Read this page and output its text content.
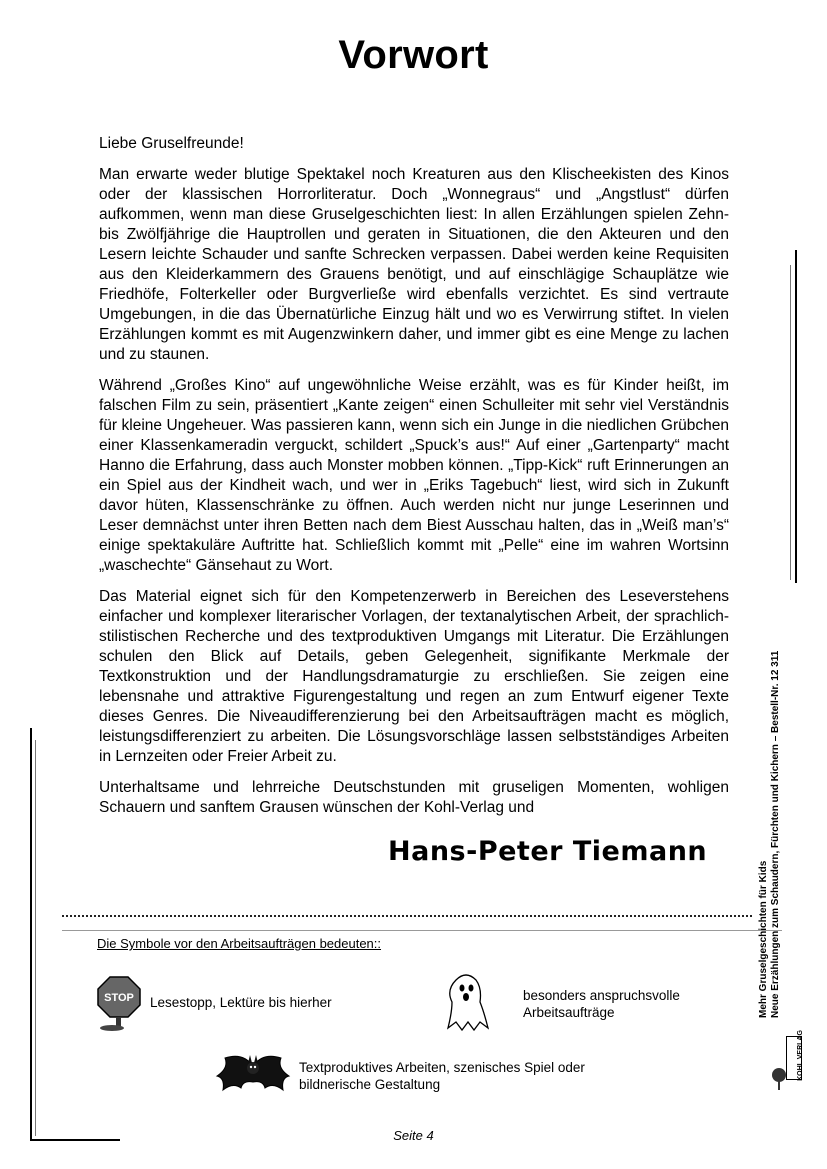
Vorwort

Liebe Gruselfreunde!

Man erwarte weder blutige Spektakel noch Kreaturen aus den Klischeekisten des Kinos oder der klassischen Horrorliteratur. Doch „Wonnegraus“ und „Angstlust“ dürfen aufkommen, wenn man diese Gruselgeschichten liest: In allen Erzählungen spielen Zehn- bis Zwölfjährige die Hauptrollen und geraten in Situationen, die den Akteuren und den Lesern leichte Schauder und sanfte Schrecken verpassen. Dabei werden keine Requisiten aus den Kleiderkammern des Grauens benötigt, und auf einschlägige Schauplätze wie Friedhöfe, Folterkeller oder Burgverließe wird ebenfalls verzichtet. Es sind vertraute Umgebungen, in die das Übernatürliche Einzug hält und wo es Verwirrung stiftet. In vielen Erzählungen kommt es mit Augenzwinkern daher, und immer gibt es eine Menge zu lachen und zu staunen.

Während „Großes Kino“ auf ungewöhnliche Weise erzählt, was es für Kinder heißt, im falschen Film zu sein, präsentiert „Kante zeigen“ einen Schulleiter mit sehr viel Verständnis für kleine Ungeheuer. Was passieren kann, wenn sich ein Junge in die niedlichen Grübchen einer Klassenkameradin verguckt, schildert „Spuck’s aus!“ Auf einer „Gartenparty“ macht Hanno die Erfahrung, dass auch Monster mobben können. „Tipp-Kick“ ruft Erinnerungen an ein Spiel aus der Kindheit wach, und wer in „Eriks Tagebuch“ liest, wird sich in Zukunft davor hüten, Klassenschränke zu öffnen. Auch werden nicht nur junge Leserinnen und Leser demnächst unter ihren Betten nach dem Biest Ausschau halten, das in „Weiß man’s“ einige spektakuläre Auftritte hat. Schließlich kommt mit „Pelle“ eine im wahren Wortsinn „waschechte“ Gänsehaut zu Wort.

Das Material eignet sich für den Kompetenzerwerb in Bereichen des Leseverstehens einfacher und komplexer literarischer Vorlagen, der textanalytischen Arbeit, der sprachlich-stilistischen Recherche und des textproduktiven Umgangs mit Literatur. Die Erzählungen schulen den Blick auf Details, geben Gelegenheit, signifikante Merkmale der Textkonstruktion und der Handlungsdramaturgie zu erschließen. Sie zeigen eine lebensnahe und attraktive Figurengestaltung und regen an zum Entwurf eigener Texte dieses Genres. Die Niveaudifferenzierung bei den Arbeitsaufträgen macht es möglich, leistungsdifferenziert zu arbeiten. Die Lösungsvorschläge lassen selbstständiges Arbeiten in Lernzeiten oder Freier Arbeit zu.

Unterhaltsame und lehrreiche Deutschstunden mit gruseligen Momenten, wohligen Schauern und sanftem Grausen wünschen der Kohl-Verlag und

Hans-Peter Tiemann
Die Symbole vor den Arbeitsaufträgen bedeuten::
STOP Lesestopp, Lektüre bis hierher	besonders anspruchsvolle
Arbeitsaufträge
Textproduktives Arbeiten, szenisches Spiel oder
bildnerische Gestaltung
Seite 4
Mehr Gruselgeschichten für Kids Neue Erzählungen zum Schaudern, Fürchten und Kichern – Bestell-Nr. 12 311
KOHL VERLAG
